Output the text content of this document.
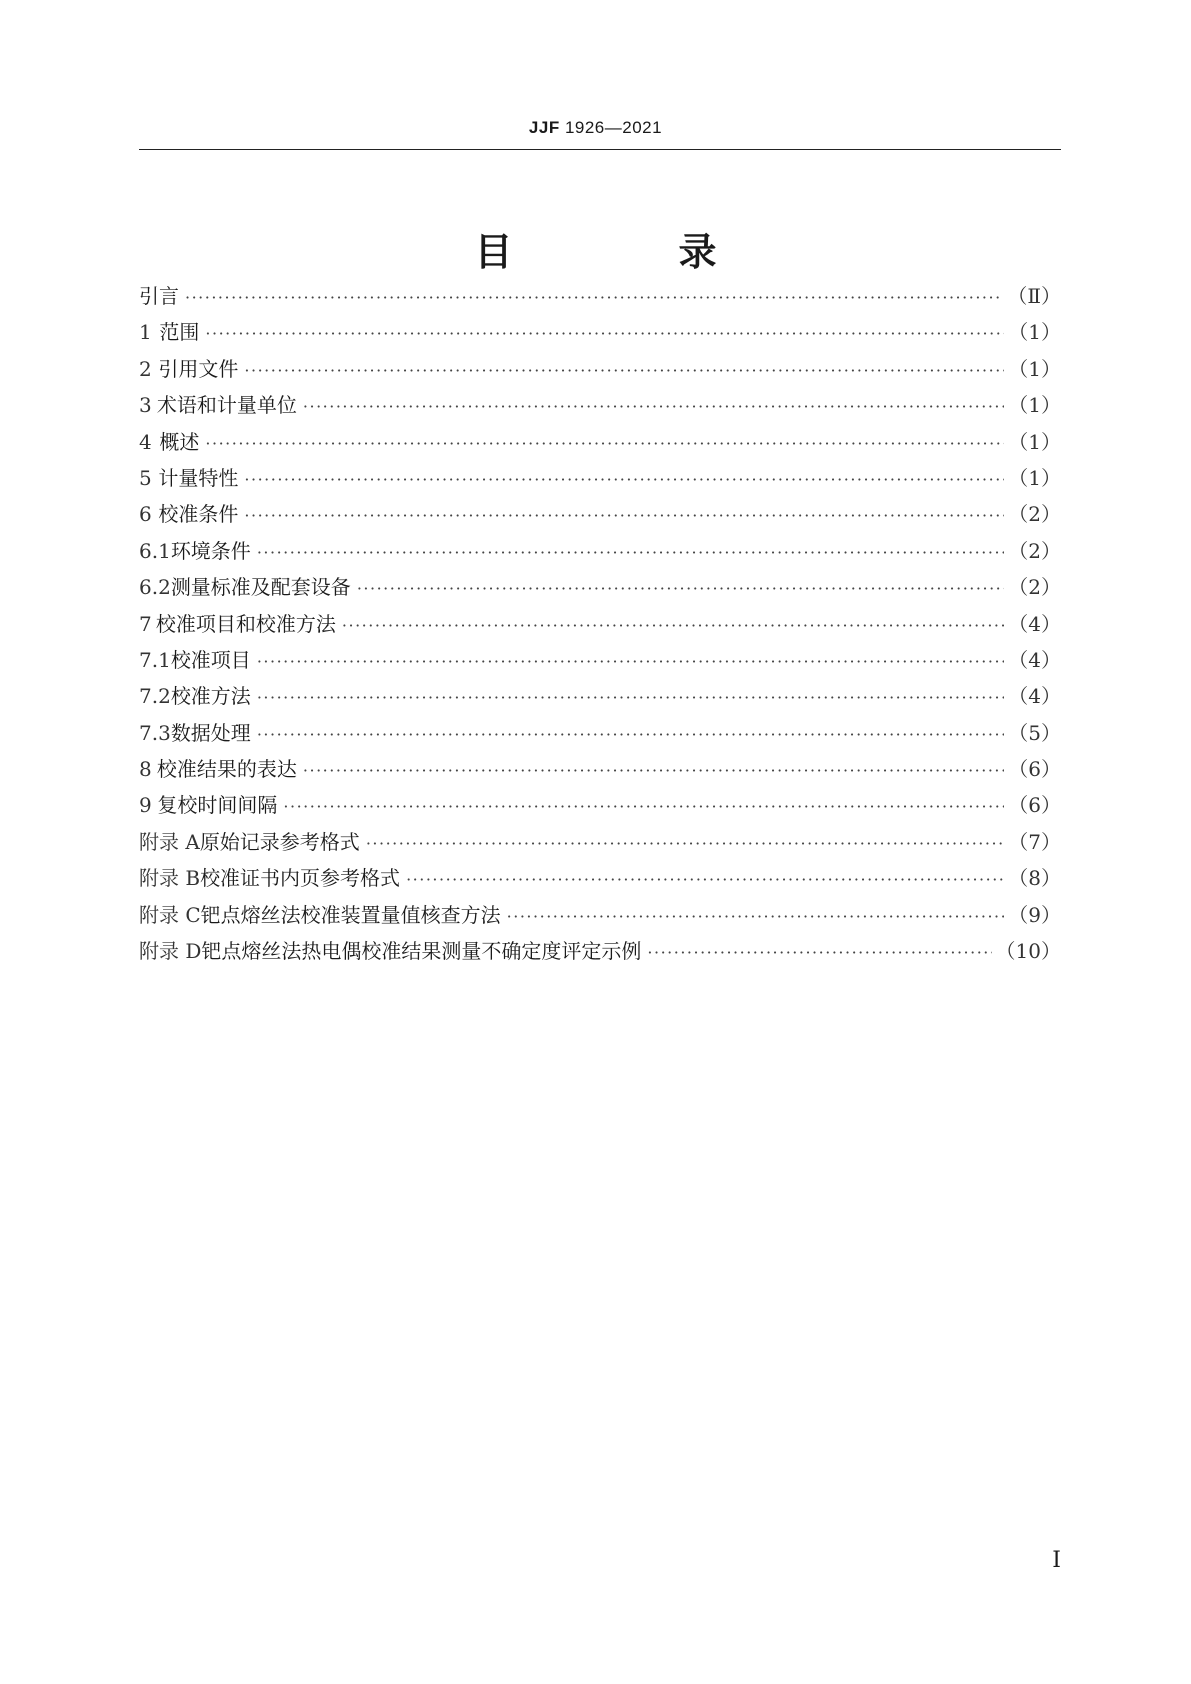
JJF 1926—2021
目　录
引言 ·····	（Ⅱ）
1 范围 ·····	（1）
2 引用文件 ·····	（1）
3 术语和计量单位 ·····	（1）
4 概述 ·····	（1）
5 计量特性 ·····	（1）
6 校准条件 ·····	（2）
6.1 环境条件 ·····	（2）
6.2 测量标准及配套设备 ·····	（2）
7 校准项目和校准方法 ·····	（4）
7.1 校准项目 ·····	（4）
7.2 校准方法 ·····	（4）
7.3 数据处理 ·····	（5）
8 校准结果的表达 ·····	（6）
9 复校时间间隔 ·····	（6）
附录 A 原始记录参考格式 ·····	（7）
附录 B 校准证书内页参考格式 ·····	（8）
附录 C 钯点熔丝法校准装置量值核查方法 ·····	（9）
附录 D 钯点熔丝法热电偶校准结果测量不确定度评定示例 ·····	（10）
Ⅰ
